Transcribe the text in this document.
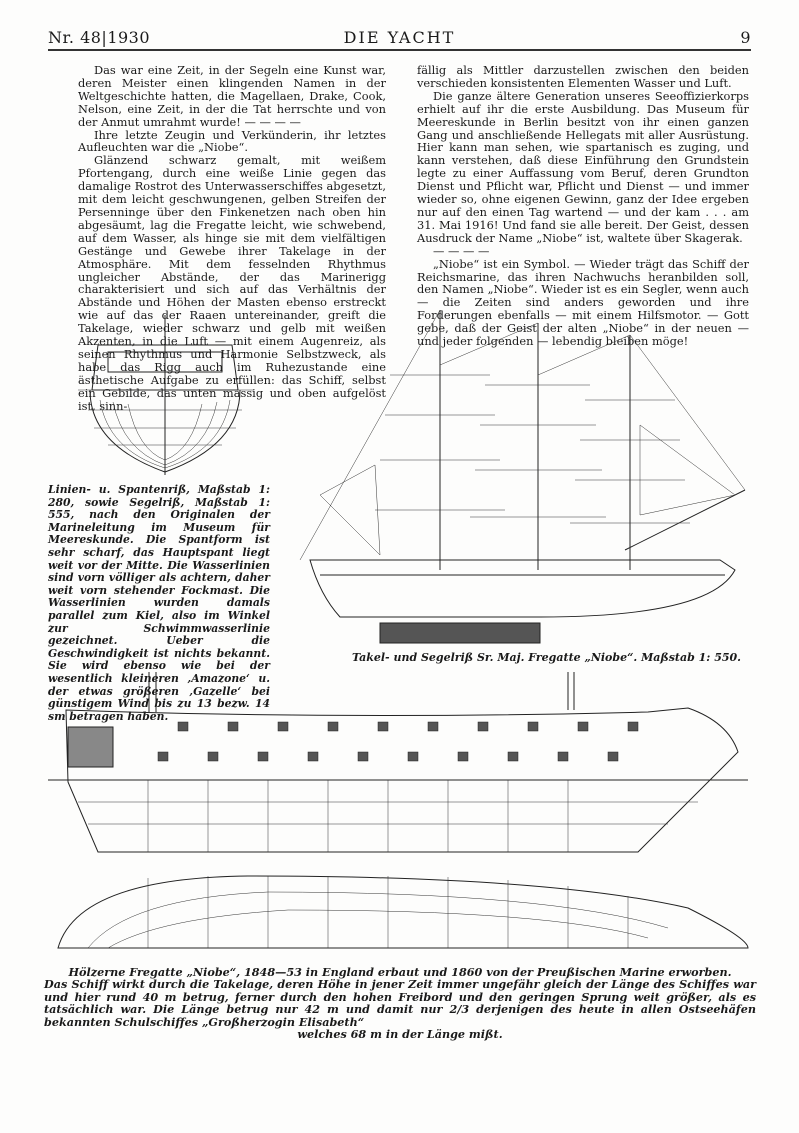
Nr. 48|1930	DIE YACHT	9

Das war eine Zeit, in der Segeln eine Kunst war, deren Meister einen klingenden Namen in der Weltgeschichte hatten, die Magellaen, Drake, Cook, Nelson, eine Zeit, in der die Tat herrschte und von der Anmut umrahmt wurde! — — — —

Ihre letzte Zeugin und Verkünderin, ihr letztes Aufleuchten war die „Niobe“.

Glänzend schwarz gemalt, mit weißem Pfortengang, durch eine weiße Linie gegen das damalige Rostrot des Unterwasserschiffes abgesetzt, mit dem leicht geschwungenen, gelben Streifen der Persenninge über den Finkenetzen nach oben hin abgesäumt, lag die Fregatte leicht, wie schwebend, auf dem Wasser, als hinge sie mit dem vielfältigen Gestänge und Gewebe ihrer Takelage in der Atmosphäre. Mit dem fesselnden Rhythmus ungleicher Abstände, der das Marinerigg charakterisiert und sich auf das Verhältnis der Abstände und Höhen der Masten ebenso erstreckt wie auf das der Raaen untereinander, greift die Takelage, wieder schwarz und gelb mit weißen Akzenten, in die Luft — mit einem Augenreiz, als seinen Rhythmus und Harmonie Selbstzweck, als habe das Rigg auch im Ruhezustande eine ästhetische Aufgabe zu erfüllen: das Schiff, selbst ein Gebilde, das unten massig und oben aufgelöst ist, sinn-

fällig als Mittler darzustellen zwischen den beiden verschieden konsistenten Elementen Wasser und Luft.

Die ganze ältere Generation unseres Seeoffizierkorps erhielt auf ihr die erste Ausbildung. Das Museum für Meereskunde in Berlin besitzt von ihr einen ganzen Gang und anschließende Hellegats mit aller Ausrüstung. Hier kann man sehen, wie spartanisch es zuging, und kann verstehen, daß diese Einführung den Grundstein legte zu einer Auffassung vom Beruf, deren Grundton Dienst und Pflicht war, Pflicht und Dienst — und immer wieder so, ohne eigenen Gewinn, ganz der Idee ergeben nur auf den einen Tag wartend — und der kam . . . am 31. Mai 1916! Und fand sie alle bereit. Der Geist, dessen Ausdruck der Name „Niobe“ ist, waltete über Skagerak.

— — — —

„Niobe“ ist ein Symbol. — Wieder trägt das Schiff der Reichsmarine, das ihren Nachwuchs heranbilden soll, den Namen „Niobe“. Wieder ist es ein Segler, wenn auch — die Zeiten sind anders geworden und ihre Forderungen ebenfalls — mit einem Hilfsmotor. — Gott gebe, daß der Geist der alten „Niobe“ in der neuen — und jeder folgenden — lebendig bleiben möge!

Linien- u. Spantenriß, Maßstab 1: 280, sowie Segelriß, Maßstab 1: 555, nach den Originalen der Marineleitung im Museum für Meereskunde. Die Spantform ist sehr scharf, das Hauptspant liegt weit vor der Mitte. Die Wasserlinien sind vorn völliger als achtern, daher weit vorn stehender Fockmast. Die Wasserlinien wurden damals parallel zum Kiel, also im Winkel zur Schwimmwasserlinie gezeichnet. Ueber die Geschwindigkeit ist nichts bekannt. Sie wird ebenso wie bei der wesentlich kleineren ‚Amazone‘ u. der etwas größeren ‚Gazelle‘ bei günstigem Wind bis zu 13 bezw. 14 sm betragen haben.
Takel- und Segelriß Sr. Maj. Fregatte „Niobe“. Maßstab 1: 550.
Hölzerne Fregatte „Niobe“, 1848—53 in England erbaut und 1860 von der Preußischen Marine erworben.
Das Schiff wirkt durch die Takelage, deren Höhe in jener Zeit immer ungefähr gleich der Länge des Schiffes war und hier rund 40 m betrug, ferner durch den hohen Freibord und den geringen Sprung weit größer, als es tatsächlich war. Die Länge betrug nur 42 m und damit nur 2/3 derjenigen des heute in allen Ostseehäfen bekannten Schulschiffes „Großherzogin Elisabeth“
welches 68 m in der Länge mißt.
